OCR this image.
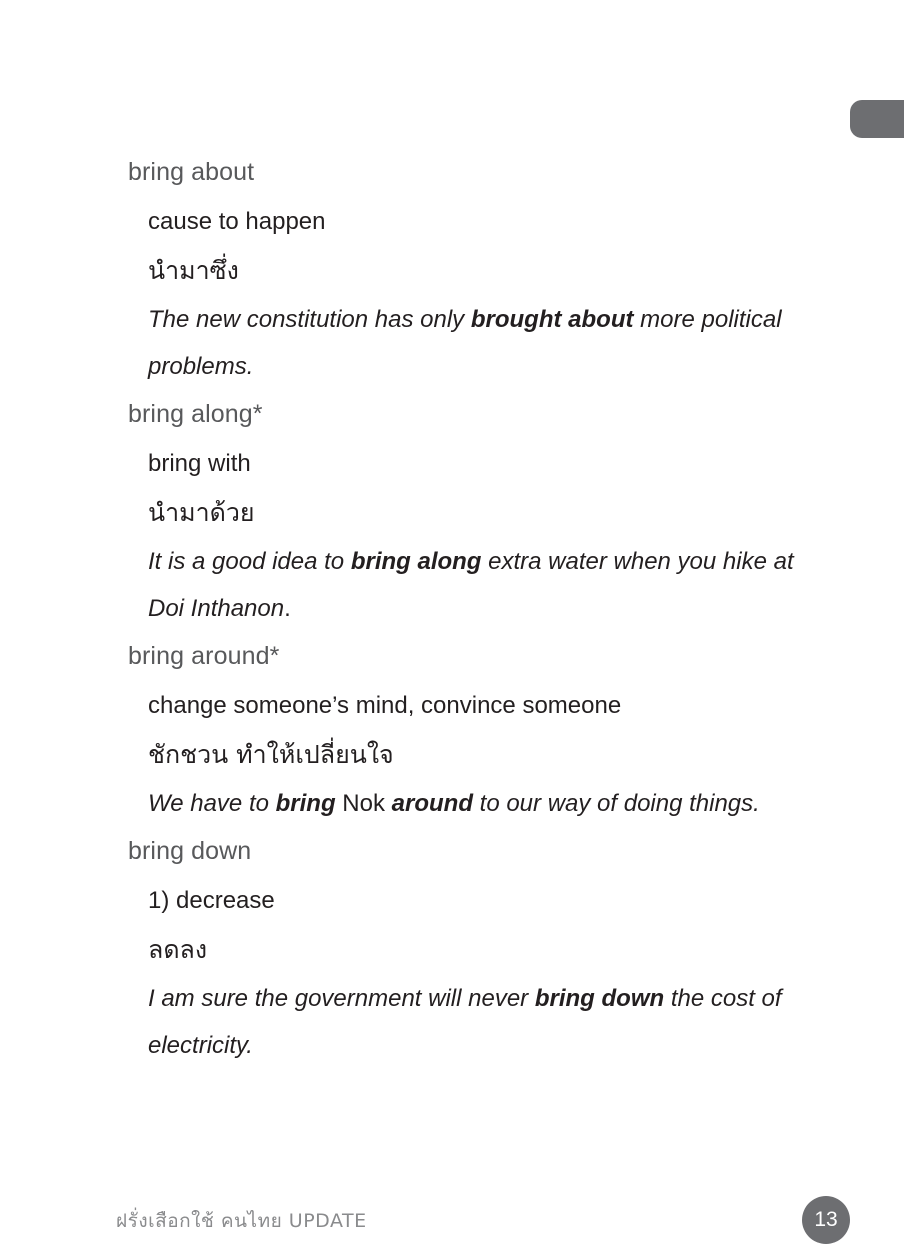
bring about

cause to happen

นำมาซึ่ง

The new constitution has only brought about more political problems.

bring along*

bring with

นำมาด้วย

It is a good idea to bring along extra water when you hike at Doi Inthanon.

bring around*

change someone’s mind, convince someone

ชักชวน ทำให้เปลี่ยนใจ

We have to bring Nok around to our way of doing things.

bring down

1) decrease

ลดลง

I am sure the government will never bring down the cost of electricity.

ฝรั่งเสือกใช้ คนไทย UPDATE	13
